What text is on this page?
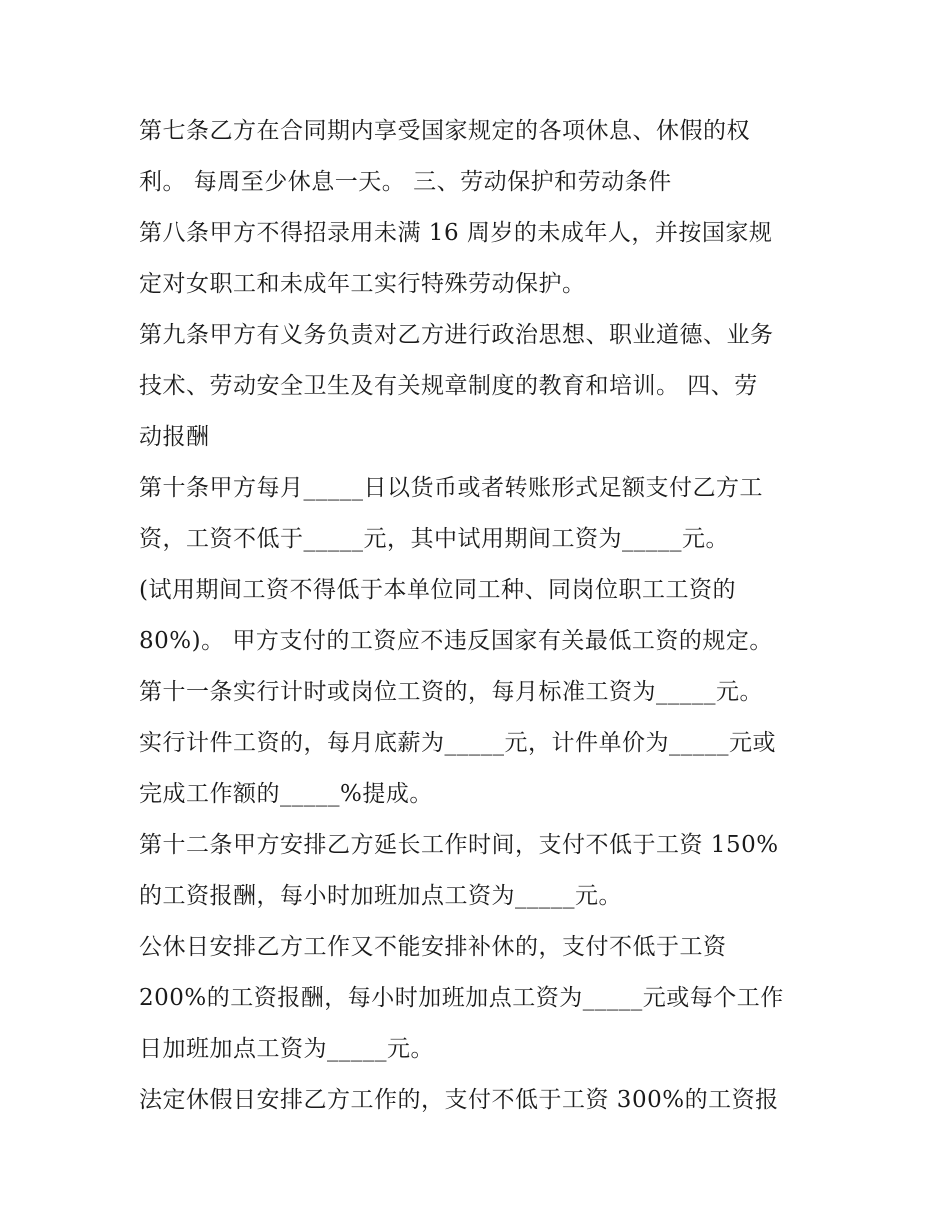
第七条乙方在合同期内享受国家规定的各项休息、休假的权
利。 每周至少休息一天。 三、劳动保护和劳动条件
第八条甲方不得招录用未满 16 周岁的未成年人，并按国家规
定对女职工和未成年工实行特殊劳动保护。
第九条甲方有义务负责对乙方进行政治思想、职业道德、业务
技术、劳动安全卫生及有关规章制度的教育和培训。 四、劳
动报酬
第十条甲方每月_____日以货币或者转账形式足额支付乙方工
资，工资不低于_____元，其中试用期间工资为_____元。
(试用期间工资不得低于本单位同工种、同岗位职工工资的
80%)。 甲方支付的工资应不违反国家有关最低工资的规定。
第十一条实行计时或岗位工资的，每月标准工资为_____元。
实行计件工资的，每月底薪为_____元，计件单价为_____元或
完成工作额的_____%提成。
第十二条甲方安排乙方延长工作时间，支付不低于工资 150%
的工资报酬，每小时加班加点工资为_____元。
公休日安排乙方工作又不能安排补休的，支付不低于工资
200%的工资报酬，每小时加班加点工资为_____元或每个工作
日加班加点工资为_____元。
法定休假日安排乙方工作的，支付不低于工资 300%的工资报
